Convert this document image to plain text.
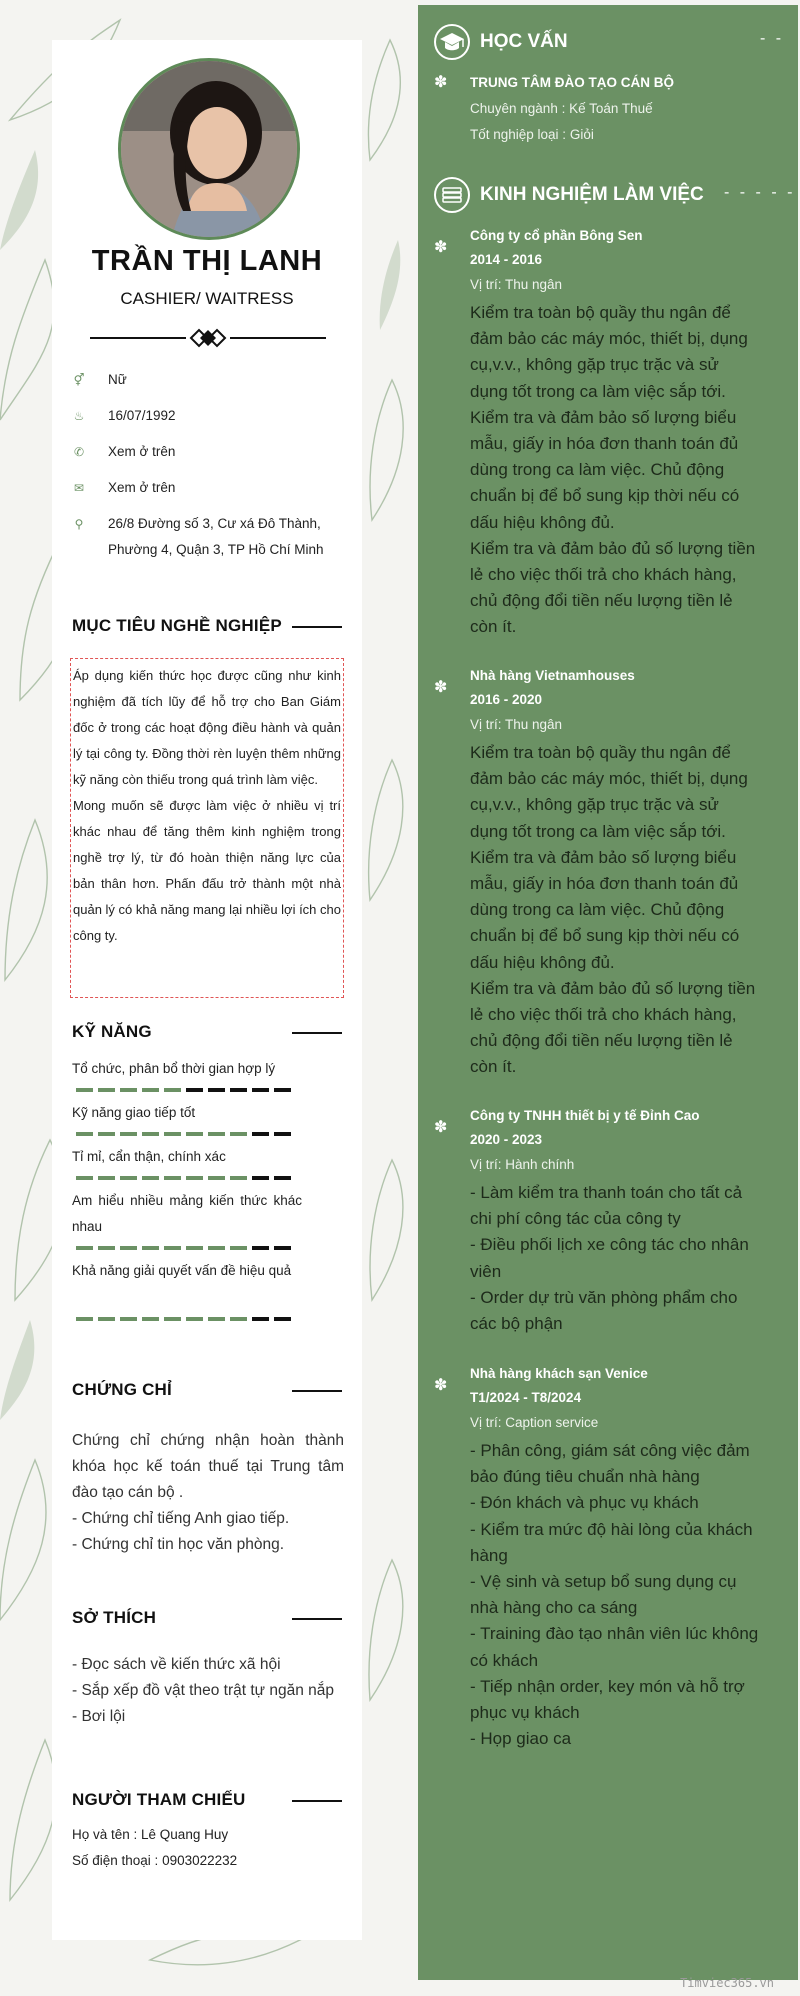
TRẦN THỊ LANH
CASHIER/ WAITRESS
⚥ Nữ
♨ 16/07/1992
✆ Xem ở trên
✉ Xem ở trên
⚲ 26/8 Đường số 3, Cư xá Đô Thành, Phường 4, Quận 3, TP Hồ Chí Minh
MỤC TIÊU NGHỀ NGHIỆP
Áp dụng kiến thức học được cũng như kinh nghiệm đã tích lũy để hỗ trợ cho Ban Giám đốc ở trong các hoạt động điều hành và quản lý tại công ty. Đồng thời rèn luyện thêm những kỹ năng còn thiếu trong quá trình làm việc.
Mong muốn sẽ được làm việc ở nhiều vị trí khác nhau để tăng thêm kinh nghiệm trong nghề trợ lý, từ đó hoàn thiện năng lực của bản thân hơn. Phấn đấu trở thành một nhà quản lý có khả năng mang lại nhiều lợi ích cho công ty.
KỸ NĂNG
Tổ chức, phân bổ thời gian hợp lý
Kỹ năng giao tiếp tốt
Tỉ mỉ, cẩn thận, chính xác
Am hiểu nhiều mảng kiến thức khác nhau
Khả năng giải quyết vấn đề hiệu quả
CHỨNG CHỈ
Chứng chỉ chứng nhận hoàn thành khóa học kế toán thuế tại Trung tâm đào tạo cán bộ .
- Chứng chỉ tiếng Anh giao tiếp.
- Chứng chỉ tin học văn phòng.
SỞ THÍCH
- Đọc sách về kiến thức xã hội
- Sắp xếp đồ vật theo trật tự ngăn nắp
- Bơi lội
NGƯỜI THAM CHIẾU
Họ và tên : Lê Quang Huy
Số điện thoại : 0903022232
HỌC VẤN	- -
✽ TRUNG TÂM ĐÀO TẠO CÁN BỘ
Chuyên ngành : Kế Toán Thuế
Tốt nghiệp loại : Giỏi
KINH NGHIỆM LÀM VIỆC - - - - -
✽
Công ty cổ phần Bông Sen
2014 - 2016
Vị trí: Thu ngân
Kiểm tra toàn bộ quầy thu ngân để đảm bảo các máy móc, thiết bị, dụng cụ,v.v., không gặp trục trặc và sử dụng tốt trong ca làm việc sắp tới.
Kiểm tra và đảm bảo số lượng biểu mẫu, giấy in hóa đơn thanh toán đủ dùng trong ca làm việc. Chủ động chuẩn bị để bổ sung kịp thời nếu có dấu hiệu không đủ.
Kiểm tra và đảm bảo đủ số lượng tiền lẻ cho việc thối trả cho khách hàng, chủ động đổi tiền nếu lượng tiền lẻ còn ít.
✽
Nhà hàng Vietnamhouses
2016 - 2020
Vị trí: Thu ngân
Kiểm tra toàn bộ quầy thu ngân để đảm bảo các máy móc, thiết bị, dụng cụ,v.v., không gặp trục trặc và sử dụng tốt trong ca làm việc sắp tới.
Kiểm tra và đảm bảo số lượng biểu mẫu, giấy in hóa đơn thanh toán đủ dùng trong ca làm việc. Chủ động chuẩn bị để bổ sung kịp thời nếu có dấu hiệu không đủ.
Kiểm tra và đảm bảo đủ số lượng tiền lẻ cho việc thối trả cho khách hàng, chủ động đổi tiền nếu lượng tiền lẻ còn ít.
✽
Công ty TNHH thiết bị y tế Đỉnh Cao
2020 - 2023
Vị trí: Hành chính
- Làm kiểm tra thanh toán cho tất cả chi phí công tác của công ty
- Điều phối lịch xe công tác cho nhân viên
- Order dự trù văn phòng phẩm cho các bộ phận
✽
Nhà hàng khách sạn Venice
T1/2024 - T8/2024
Vị trí: Caption service
- Phân công, giám sát công việc đảm bảo đúng tiêu chuẩn nhà hàng
- Đón khách và phục vụ khách
- Kiểm tra mức độ hài lòng của khách hàng
- Vệ sinh và setup bổ sung dụng cụ nhà hàng cho ca sáng
- Training đào tạo nhân viên lúc không có khách
- Tiếp nhận order, key món và hỗ trợ phục vụ khách
- Họp giao ca
Timviec365.vn
